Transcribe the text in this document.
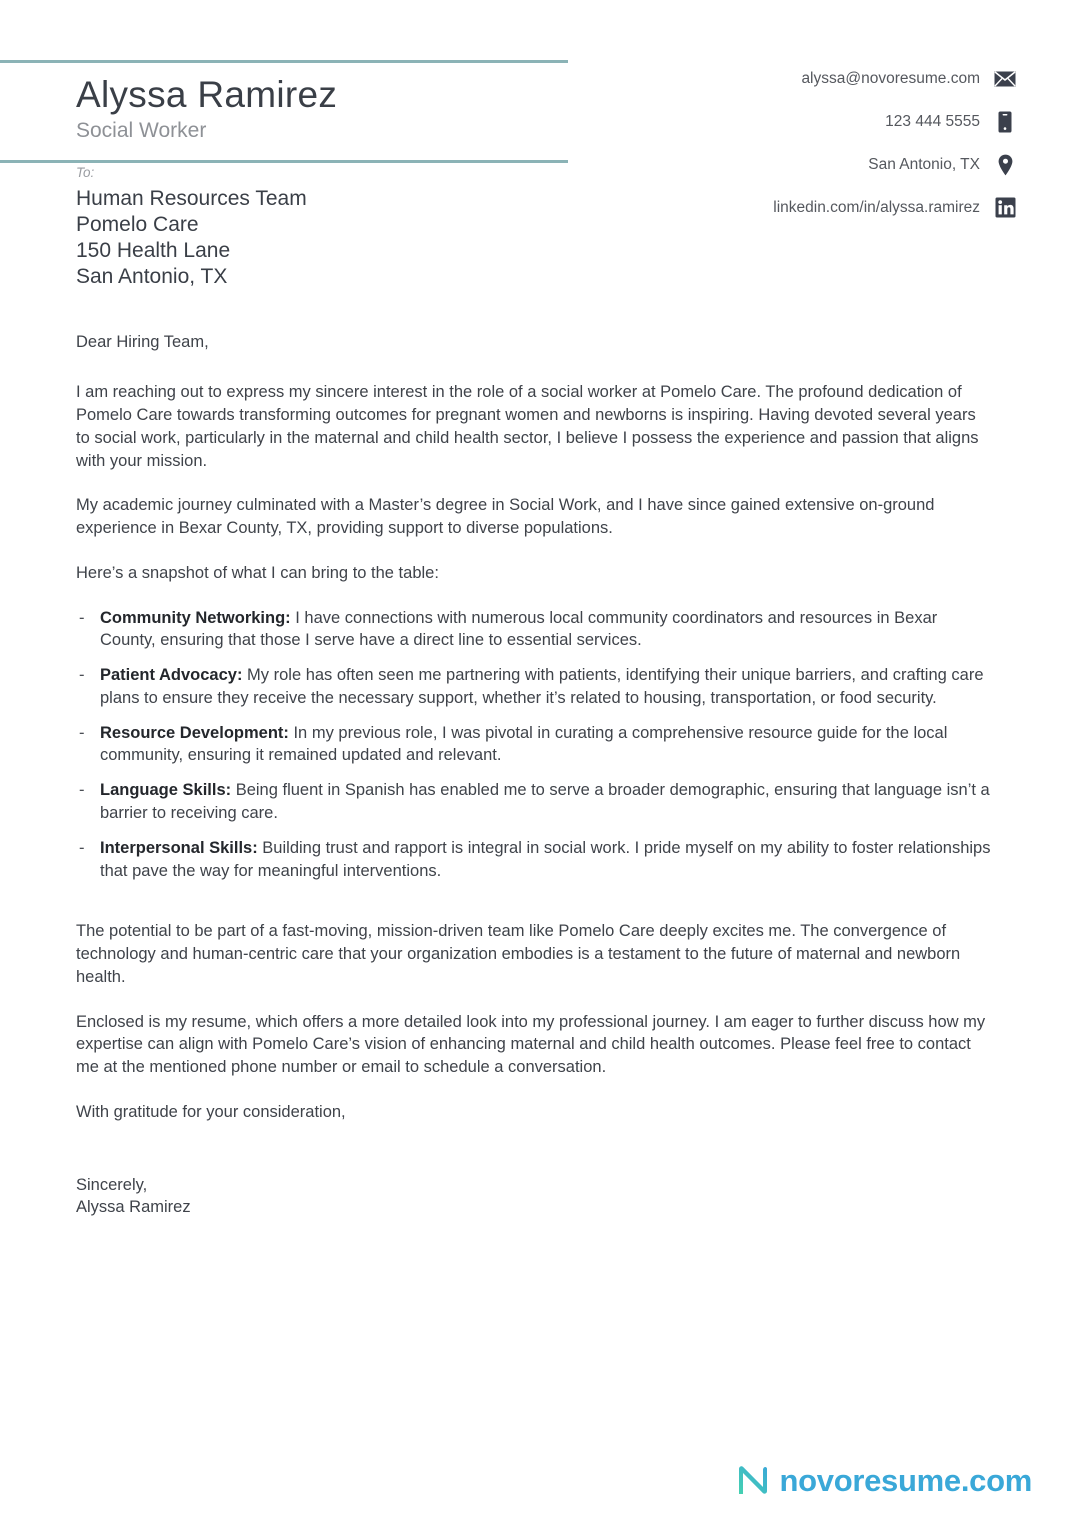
Alyssa Ramirez
Social Worker
alyssa@novoresume.com
123 444 5555
San Antonio, TX
linkedin.com/in/alyssa.ramirez
To:
Human Resources Team
Pomelo Care
150 Health Lane
San Antonio, TX
Dear Hiring Team,

I am reaching out to express my sincere interest in the role of a social worker at Pomelo Care. The profound dedication of Pomelo Care towards transforming outcomes for pregnant women and newborns is inspiring. Having devoted several years to social work, particularly in the maternal and child health sector, I believe I possess the experience and passion that aligns with your mission.

My academic journey culminated with a Master’s degree in Social Work, and I have since gained extensive on-ground experience in Bexar County, TX, providing support to diverse populations.

Here’s a snapshot of what I can bring to the table:

- Community Networking: I have connections with numerous local community coordinators and resources in Bexar County, ensuring that those I serve have a direct line to essential services.
- Patient Advocacy: My role has often seen me partnering with patients, identifying their unique barriers, and crafting care plans to ensure they receive the necessary support, whether it’s related to housing, transportation, or food security.
- Resource Development: In my previous role, I was pivotal in curating a comprehensive resource guide for the local community, ensuring it remained updated and relevant.
- Language Skills: Being fluent in Spanish has enabled me to serve a broader demographic, ensuring that language isn’t a barrier to receiving care.
- Interpersonal Skills: Building trust and rapport is integral in social work. I pride myself on my ability to foster relationships that pave the way for meaningful interventions.

The potential to be part of a fast-moving, mission-driven team like Pomelo Care deeply excites me. The convergence of technology and human-centric care that your organization embodies is a testament to the future of maternal and newborn health.

Enclosed is my resume, which offers a more detailed look into my professional journey. I am eager to further discuss how my expertise can align with Pomelo Care’s vision of enhancing maternal and child health outcomes. Please feel free to contact me at the mentioned phone number or email to schedule a conversation.

With gratitude for your consideration,

Sincerely,
Alyssa Ramirez
novoresume.com
